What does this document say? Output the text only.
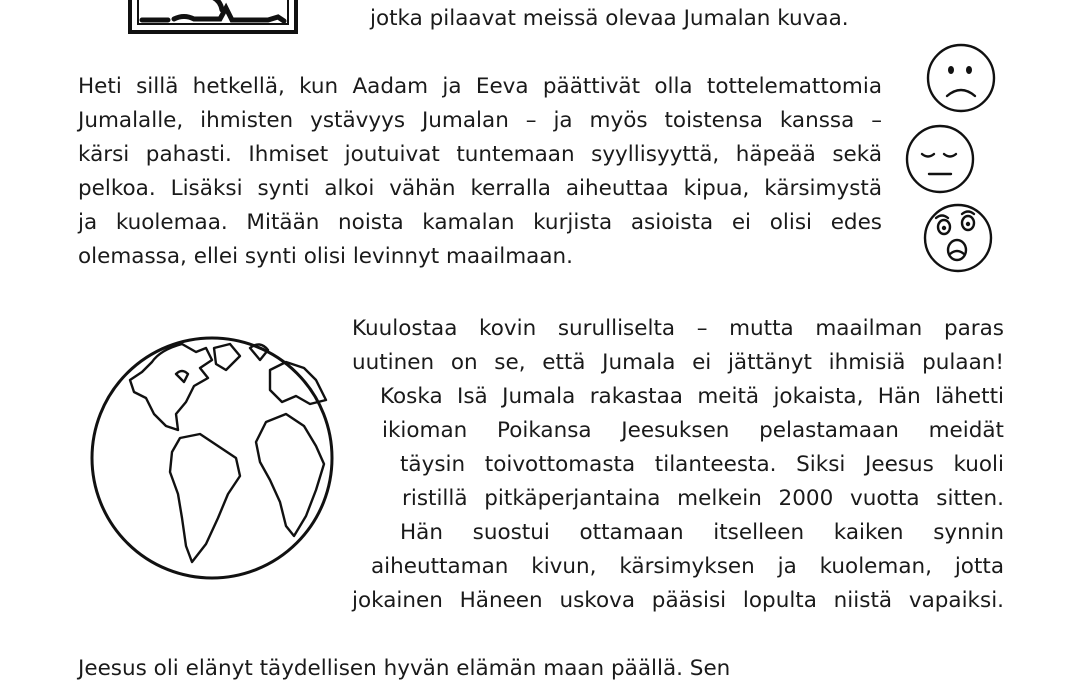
jotka pilaavat meissä olevaa Jumalan kuvaa.
Heti sillä hetkellä, kun Aadam ja Eeva päättivät olla tottelemattomia
Jumalalle, ihmisten ystävyys Jumalan – ja myös toistensa kanssa –
kärsi pahasti. Ihmiset joutuivat tuntemaan syyllisyyttä, häpeää sekä
pelkoa. Lisäksi synti alkoi vähän kerralla aiheuttaa kipua, kärsimystä
ja kuolemaa. Mitään noista kamalan kurjista asioista ei olisi edes
olemassa, ellei synti olisi levinnyt maailmaan.
Kuulostaa kovin surulliselta – mutta maailman paras
uutinen on se, että Jumala ei jättänyt ihmisiä pulaan!
Koska Isä Jumala rakastaa meitä jokaista, Hän lähetti
ikioman Poikansa Jeesuksen pelastamaan meidät
täysin toivottomasta tilanteesta. Siksi Jeesus kuoli
ristillä pitkäperjantaina melkein 2000 vuotta sitten.
Hän suostui ottamaan itselleen kaiken synnin
aiheuttaman kivun, kärsimyksen ja kuoleman, jotta
jokainen Häneen uskova pääsisi lopulta niistä vapaiksi.
Jeesus oli elänyt täydellisen hyvän elämän maan päällä. Sen
